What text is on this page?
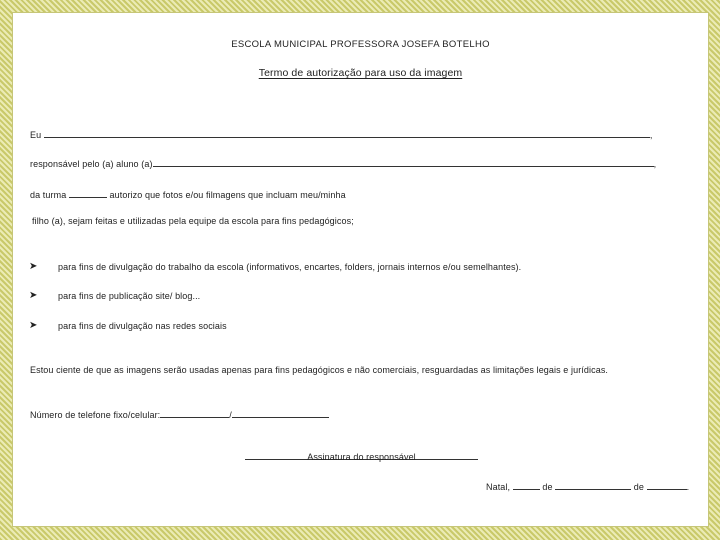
ESCOLA MUNICIPAL PROFESSORA JOSEFA BOTELHO
Termo de autorização para uso da imagem
Eu	,
responsável pelo (a) aluno (a)	,
da turma	autorizo que fotos e/ou filmagens que incluam meu/minha
filho (a), sejam feitas e utilizadas pela equipe da escola para fins pedagógicos;
➤ para fins de divulgação do trabalho da escola (informativos, encartes, folders, jornais internos e/ou semelhantes).
➤ para fins de publicação site/ blog...
➤ para fins de divulgação nas redes sociais
Estou ciente de que as imagens serão usadas apenas para fins pedagógicos e não comerciais, resguardadas as limitações legais e jurídicas.
Número de telefone fixo/celular:	/
Assinatura do responsável
Natal,	de	de	.
